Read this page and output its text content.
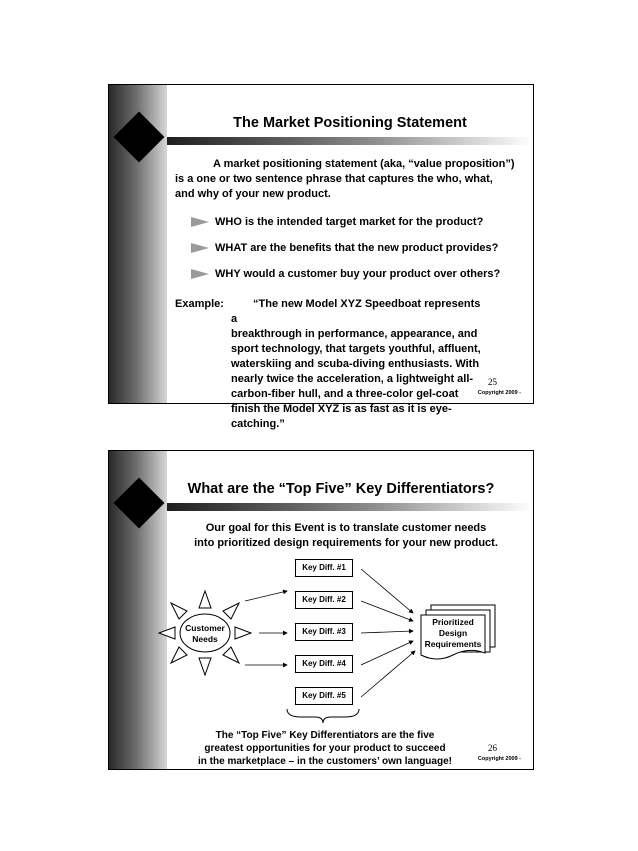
The Market Positioning Statement

A market positioning statement (aka, “value proposition”) is a one or two sentence phrase that captures the who, what, and why of your new product.

WHO is the intended target market for the product?
WHAT are the benefits that the new product provides?
WHY would a customer buy your product over others?
Example:	“The new Model XYZ Speedboat represents a
breakthrough in performance, appearance, and sport technology, that targets youthful, affluent, waterskiing and scuba-diving enthusiasts. With nearly twice the acceleration, a lightweight all-carbon-fiber hull, and a three-color gel-coat finish the Model XYZ is as fast as it is eye-catching.”

25
Copyright 2009 -
What are the “Top Five” Key Differentiators?

Our goal for this Event is to translate customer needs
into prioritized design requirements for your new product.

Key Diff. #1
Key Diff. #2
Key Diff. #3
Key Diff. #4
Key Diff. #5
Customer
Needs
Prioritized
Design
Requirements

The “Top Five” Key Differentiators are the five
greatest opportunities for your product to succeed
in the marketplace – in the customers’ own language!

26
Copyright 2009 -
